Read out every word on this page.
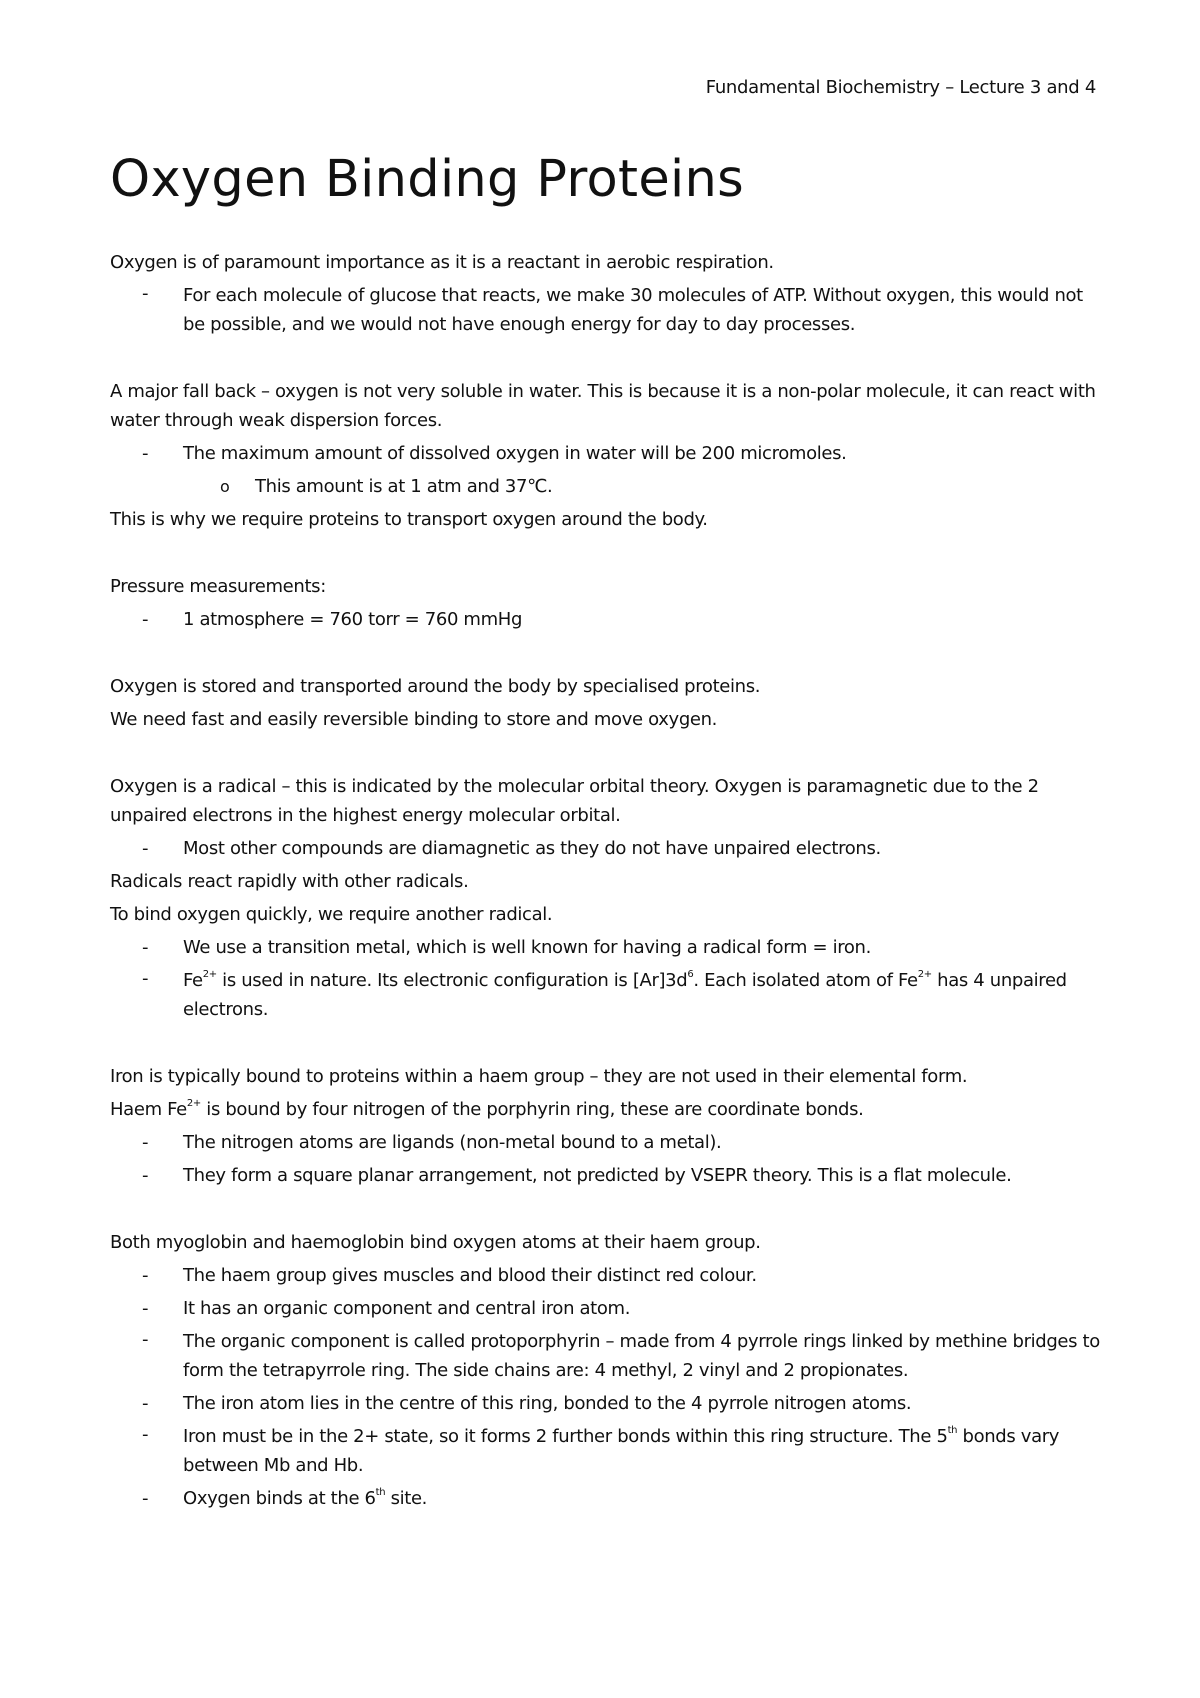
Fundamental Biochemistry – Lecture 3 and 4
Oxygen Binding Proteins

Oxygen is of paramount importance as it is a reactant in aerobic respiration.

- For each molecule of glucose that reacts, we make 30 molecules of ATP. Without oxygen, this would not be possible, and we would not have enough energy for day to day processes.

A major fall back – oxygen is not very soluble in water. This is because it is a non-polar molecule, it can react with water through weak dispersion forces.

- The maximum amount of dissolved oxygen in water will be 200 micromoles.
o This amount is at 1 atm and 37℃.

This is why we require proteins to transport oxygen around the body.

Pressure measurements:

- 1 atmosphere = 760 torr = 760 mmHg

Oxygen is stored and transported around the body by specialised proteins.

We need fast and easily reversible binding to store and move oxygen.

Oxygen is a radical – this is indicated by the molecular orbital theory. Oxygen is paramagnetic due to the 2 unpaired electrons in the highest energy molecular orbital.

- Most other compounds are diamagnetic as they do not have unpaired electrons.

Radicals react rapidly with other radicals.

To bind oxygen quickly, we require another radical.

- We use a transition metal, which is well known for having a radical form = iron.
- $Fe^{2+}$ is used in nature. Its electronic configuration is $[Ar]3d^6$. Each isolated atom of $Fe^{2+}$ has 4 unpaired electrons.

Iron is typically bound to proteins within a haem group – they are not used in their elemental form.

Haem $Fe^{2+}$ is bound by four nitrogen of the porphyrin ring, these are coordinate bonds.

- The nitrogen atoms are ligands (non-metal bound to a metal).
- They form a square planar arrangement, not predicted by VSEPR theory. This is a flat molecule.

Both myoglobin and haemoglobin bind oxygen atoms at their haem group.

- The haem group gives muscles and blood their distinct red colour.
- It has an organic component and central iron atom.
- The organic component is called protoporphyrin – made from 4 pyrrole rings linked by methine bridges to form the tetrapyrrole ring. The side chains are: 4 methyl, 2 vinyl and 2 propionates.
- The iron atom lies in the centre of this ring, bonded to the 4 pyrrole nitrogen atoms.
- Iron must be in the 2+ state, so it forms 2 further bonds within this ring structure. The 5th bonds vary between Mb and Hb.
- Oxygen binds at the 6th site.
